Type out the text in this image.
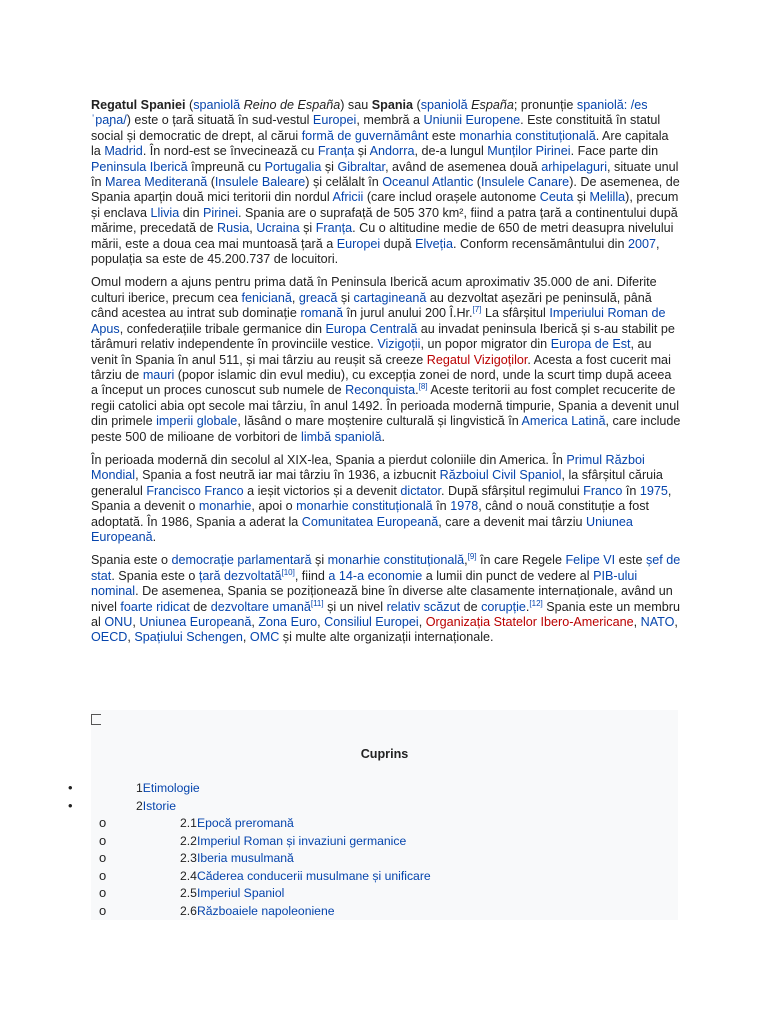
Regatul Spaniei (spaniolă Reino de España) sau Spania (spaniolă España; pronunție spaniolă: /es ˈpaɲa/) este o țară situată în sud-vestul Europei, membră a Uniunii Europene. Este constituită în statul social și democratic de drept, al cărui formă de guvernământ este monarhia constituțională. Are capitala la Madrid. În nord-est se învecinează cu Franța și Andorra, de-a lungul Munților Pirinei. Face parte din Peninsula Iberică împreună cu Portugalia și Gibraltar, având de asemenea două arhipelaguri, situate unul în Marea Mediterană (Insulele Baleare) și celălalt în Oceanul Atlantic (Insulele Canare). De asemenea, de Spania aparțin două mici teritorii din nordul Africii (care includ orașele autonome Ceuta și Melilla), precum și enclava Llivia din Pirinei. Spania are o suprafață de 505 370 km², fiind a patra țară a continentului după mărime, precedată de Rusia, Ucraina și Franța. Cu o altitudine medie de 650 de metri deasupra nivelului mării, este a doua cea mai muntoasă țară a Europei după Elveția. Conform recensământului din 2007, populația sa este de 45.200.737 de locuitori.

Omul modern a ajuns pentru prima dată în Peninsula Iberică acum aproximativ 35.000 de ani. Diferite culturi iberice, precum cea feniciană, greacă și cartagineană au dezvoltat așezări pe peninsulă, până când acestea au intrat sub dominație romană în jurul anului 200 Î.Hr.[7] La sfârșitul Imperiului Roman de Apus, confederațiile tribale germanice din Europa Centrală au invadat peninsula Iberică și s-au stabilit pe tărâmuri relativ independente în provinciile vestice. Vizigoții, un popor migrator din Europa de Est, au venit în Spania în anul 511, și mai târziu au reușit să creeze Regatul Vizigoților. Acesta a fost cucerit mai târziu de mauri (popor islamic din evul mediu), cu excepția zonei de nord, unde la scurt timp după aceea a început un proces cunoscut sub numele de Reconquista.[8] Aceste teritorii au fost complet recucerite de regii catolici abia opt secole mai târziu, în anul 1492. În perioada modernă timpurie, Spania a devenit unul din primele imperii globale, lăsând o mare moștenire culturală și lingvistică în America Latină, care include peste 500 de milioane de vorbitori de limbă spaniolă.

În perioada modernă din secolul al XIX-lea, Spania a pierdut coloniile din America. În Primul Război Mondial, Spania a fost neutră iar mai târziu în 1936, a izbucnit Războiul Civil Spaniol, la sfârșitul căruia generalul Francisco Franco a ieșit victorios și a devenit dictator. După sfârșitul regimului Franco în 1975, Spania a devenit o monarhie, apoi o monarhie constituțională în 1978, când o nouă constituție a fost adoptată. În 1986, Spania a aderat la Comunitatea Europeană, care a devenit mai târziu Uniunea Europeană.

Spania este o democrație parlamentară și monarhie constituțională,[9] în care Regele Felipe VI este șef de stat. Spania este o țară dezvoltată[10], fiind a 14-a economie a lumii din punct de vedere al PIB-ului nominal. De asemenea, Spania se poziționează bine în diverse alte clasamente internaționale, având un nivel foarte ridicat de dezvoltare umană[11] și un nivel relativ scăzut de corupție.[12] Spania este un membru al ONU, Uniunea Europeană, Zona Euro, Consiliul Europei, Organizația Statelor Ibero-Americane, NATO, OECD, Spațiului Schengen, OMC și multe alte organizații internaționale.

Cuprins
•	1Etimologie
•	2Istorie
o	2.1Epocă preromană
o	2.2Imperiul Roman și invaziuni germanice
o	2.3Iberia musulmană
o	2.4Căderea conducerii musulmane și unificare
o	2.5Imperiul Spaniol
o	2.6Războaiele napoleoniene
